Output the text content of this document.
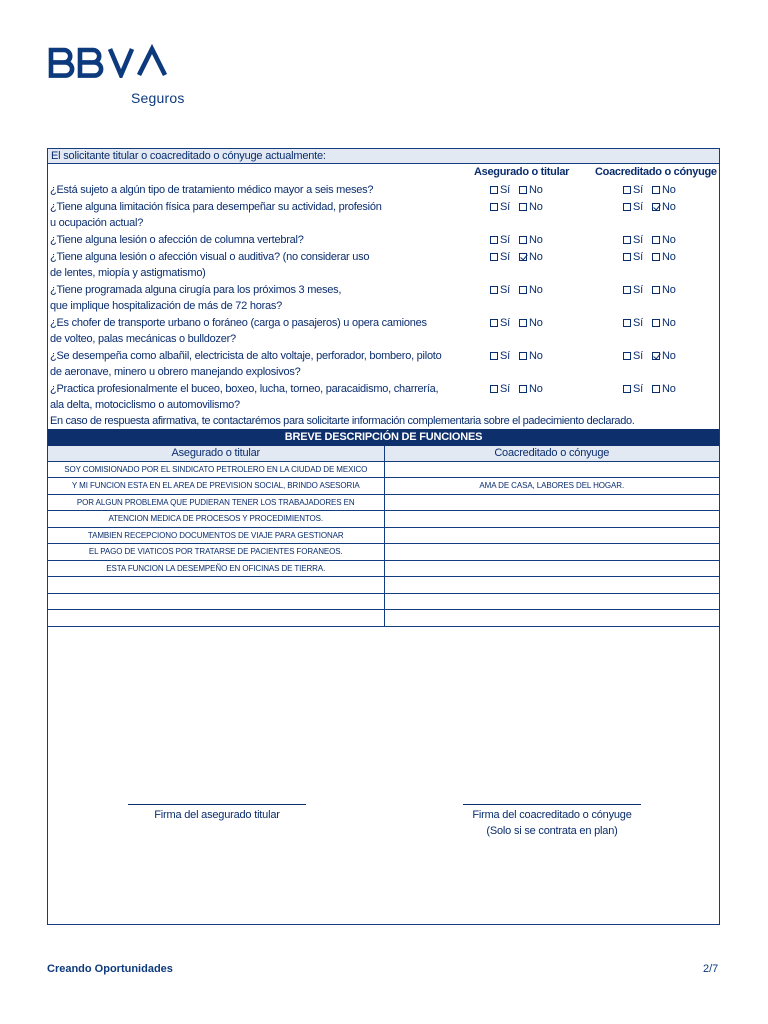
Seguros
El solicitante titular o coacreditado o cónyuge actualmente:
Asegurado o titular Coacreditado o cónyuge
¿Está sujeto a algún tipo de tratamiento médico mayor a seis meses?	Sí No	Sí No
¿Tiene alguna limitación física para desempeñar su actividad, profesión
u ocupación actual?
Sí No	Sí No
¿Tiene alguna lesión o afección de columna vertebral?	Sí No	Sí No
¿Tiene alguna lesión o afección visual o auditiva? (no considerar uso
de lentes, miopía y astigmatismo)
Sí No	Sí No
¿Tiene programada alguna cirugía para los próximos 3 meses,
que implique hospitalización de más de 72 horas?
Sí No	Sí No
¿Es chofer de transporte urbano o foráneo (carga o pasajeros) u opera camiones
de volteo, palas mecánicas o bulldozer?
Sí No	Sí No
¿Se desempeña como albañil, electricista de alto voltaje, perforador, bombero, piloto
de aeronave, minero u obrero manejando explosivos?
Sí No	Sí No
¿Practica profesionalmente el buceo, boxeo, lucha, torneo, paracaidismo, charrería,
ala delta, motociclismo o automovilismo?
Sí No	Sí No
En caso de respuesta afirmativa, te contactarémos para solicitarte información complementaria sobre el padecimiento declarado.
BREVE DESCRIPCIÓN DE FUNCIONES
Asegurado o titular	Coacreditado o cónyuge
SOY COMISIONADO POR EL SINDICATO PETROLERO EN LA CIUDAD DE MEXICO	
Y MI FUNCION ESTA EN EL AREA DE PREVISION SOCIAL, BRINDO ASESORIA	AMA DE CASA, LABORES DEL HOGAR.
POR ALGUN PROBLEMA QUE PUDIERAN TENER LOS TRABAJADORES EN	
ATENCION MEDICA DE PROCESOS Y PROCEDIMIENTOS.	
TAMBIEN RECEPCIONO DOCUMENTOS DE VIAJE PARA GESTIONAR	
EL PAGO DE VIATICOS POR TRATARSE DE PACIENTES FORANEOS.	
ESTA FUNCION LA DESEMPEÑO EN OFICINAS DE TIERRA.	

Firma del asegurado titular	Firma del coacreditado o cónyuge
(Solo si se contrata en plan)
Creando Oportunidades	2/7
